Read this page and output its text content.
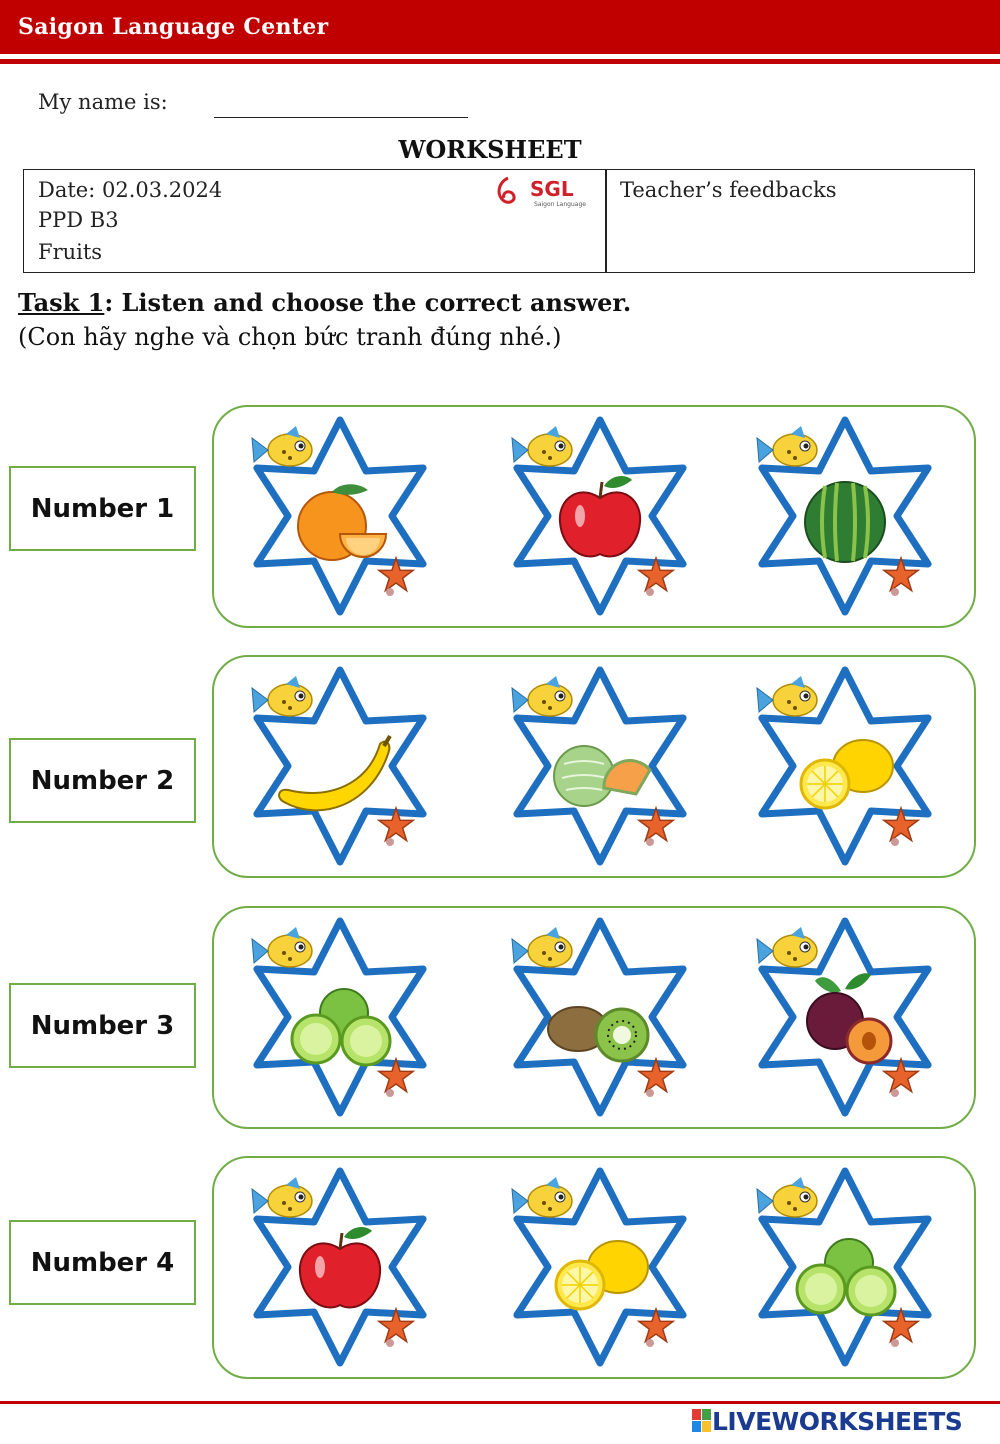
Saigon Language Center
My name is:
WORKSHEET
Date: 02.03.2024
PPD B3
Fruits
Teacher’s feedbacks
SGL
Saigon Language
Task 1: Listen and choose the correct answer.
(Con hãy nghe và chọn bức tranh đúng nhé.)
Number 1
Number 2
Number 3
Number 4
LIVEWORKSHEETS
